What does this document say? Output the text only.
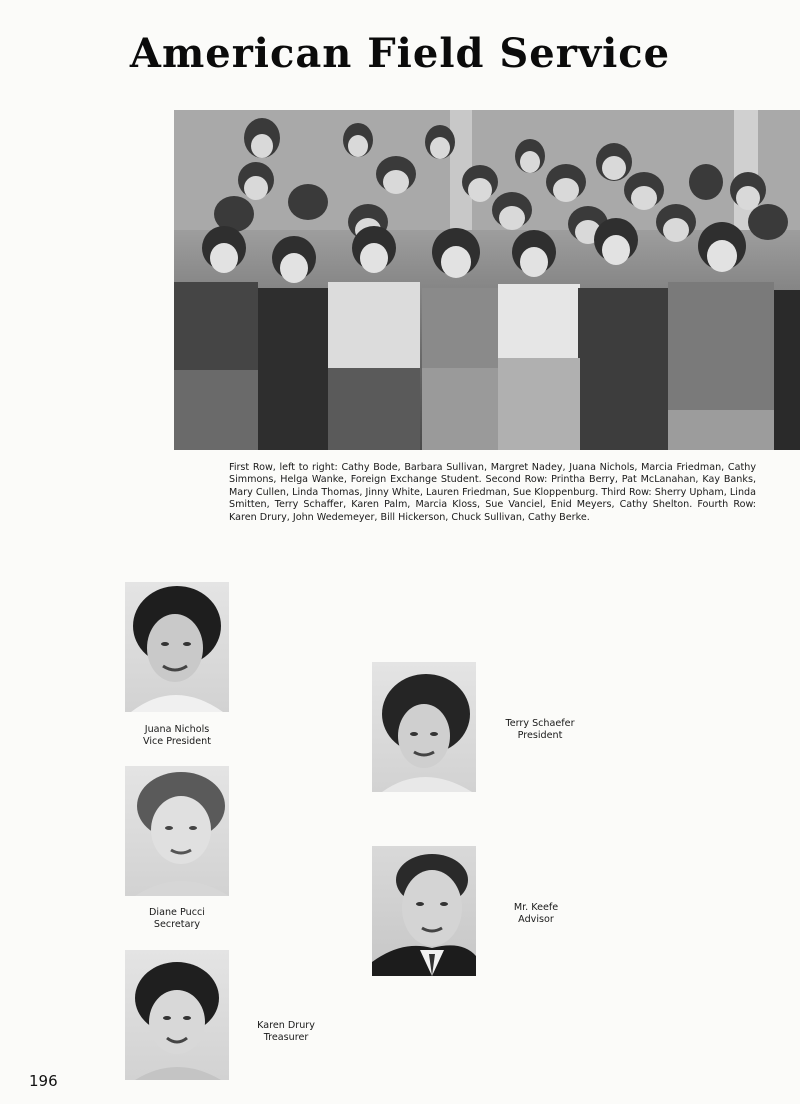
American Field Service
First Row, left to right: Cathy Bode, Barbara Sullivan, Margret Nadey, Juana Nichols, Marcia Friedman, Cathy Simmons, Helga Wanke, Foreign Exchange Student. Second Row: Printha Berry, Pat McLanahan, Kay Banks, Mary Cullen, Linda Thomas, Jinny White, Lauren Friedman, Sue Kloppenburg. Third Row: Sherry Upham, Linda Smitten, Terry Schaffer, Karen Palm, Marcia Kloss, Sue Vanciel, Enid Meyers, Cathy Shelton. Fourth Row: Karen Drury, John Wedemeyer, Bill Hickerson, Chuck Sullivan, Cathy Berke.
Juana Nichols
Vice President
Terry Schaefer
President
Diane Pucci
Secretary
Mr. Keefe
Advisor
Karen Drury
Treasurer
196
